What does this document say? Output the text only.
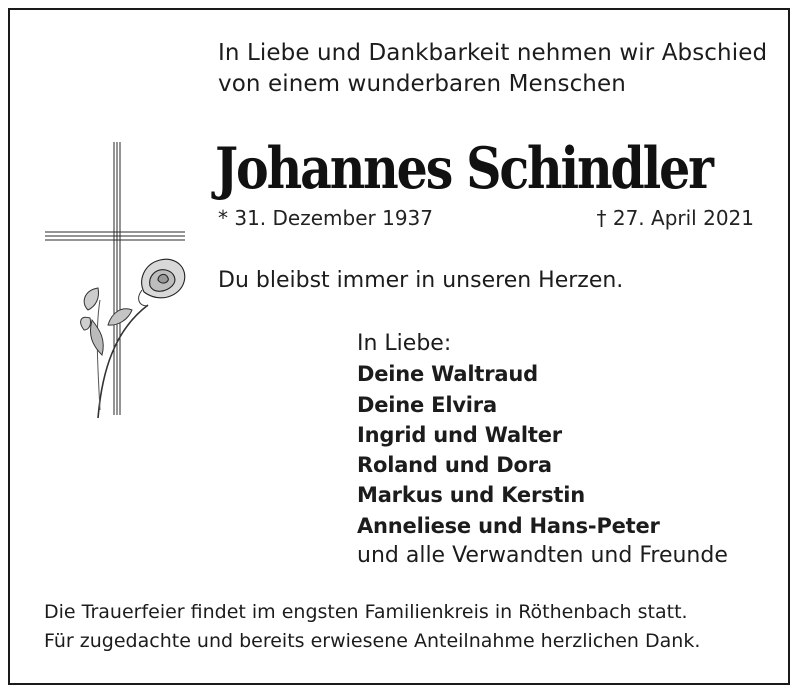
In Liebe und Dankbarkeit nehmen wir Abschied
von einem wunderbaren Menschen
Johannes Schindler
* 31. Dezember 1937	† 27. April 2021
Du bleibst immer in unseren Herzen.
In Liebe:
Deine Waltraud
Deine Elvira
Ingrid und Walter
Roland und Dora
Markus und Kerstin
Anneliese und Hans-Peter
und alle Verwandten und Freunde
Die Trauerfeier findet im engsten Familienkreis in Röthenbach statt.
Für zugedachte und bereits erwiesene Anteilnahme herzlichen Dank.
